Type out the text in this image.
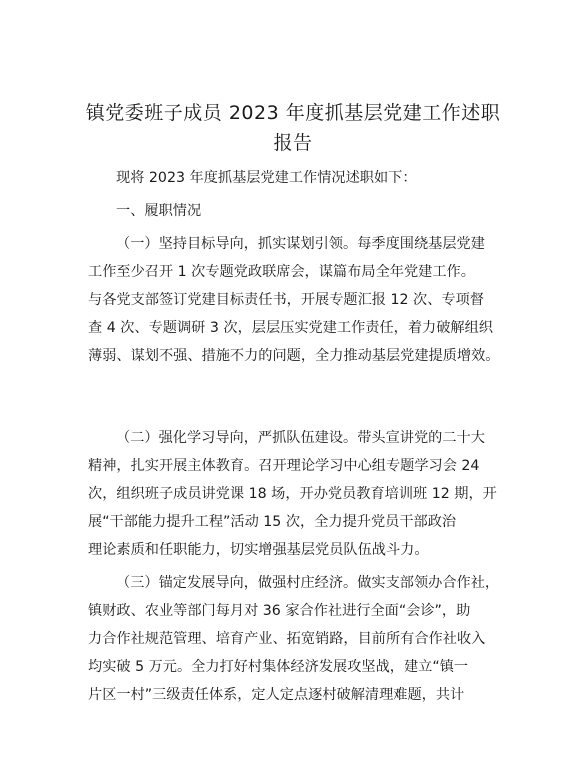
镇党委班子成员 2023 年度抓基层党建工作述职
报告
现将 2023 年度抓基层党建工作情况述职如下：
一、履职情况
（一）坚持目标导向，抓实谋划引领。每季度围绕基层党建
工作至少召开 1 次专题党政联席会，谋篇布局全年党建工作。
与各党支部签订党建目标责任书，开展专题汇报 12 次、专项督
查 4 次、专题调研 3 次，层层压实党建工作责任，着力破解组织
薄弱、谋划不强、措施不力的问题，全力推动基层党建提质增效。
（二）强化学习导向，严抓队伍建设。带头宣讲党的二十大
精神，扎实开展主体教育。召开理论学习中心组专题学习会 24
次，组织班子成员讲党课 18 场，开办党员教育培训班 12 期，开
展“干部能力提升工程”活动 15 次，全力提升党员干部政治
理论素质和任职能力，切实增强基层党员队伍战斗力。
（三）锚定发展导向，做强村庄经济。做实支部领办合作社，
镇财政、农业等部门每月对 36 家合作社进行全面“会诊”，助
力合作社规范管理、培育产业、拓宽销路，目前所有合作社收入
均实破 5 万元。全力打好村集体经济发展攻坚战，建立“镇一
片区一村”三级责任体系，定人定点逐村破解清理难题，共计
